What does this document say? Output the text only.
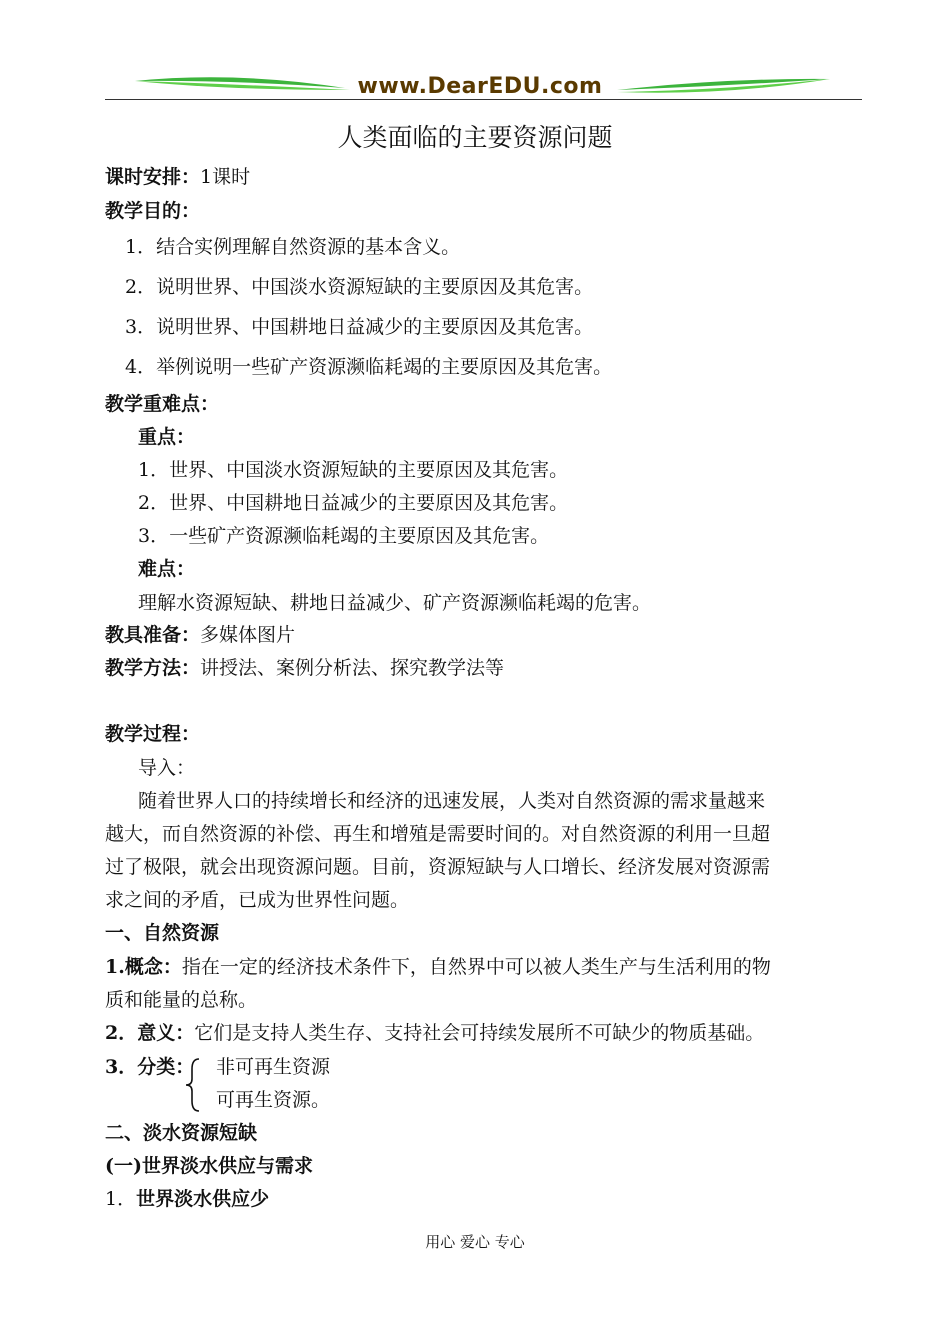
www.DearEDU.com
人类面临的主要资源问题
课时安排：1课时
教学目的：
1．结合实例理解自然资源的基本含义。
2．说明世界、中国淡水资源短缺的主要原因及其危害。
3．说明世界、中国耕地日益减少的主要原因及其危害。
4．举例说明一些矿产资源濒临耗竭的主要原因及其危害。
教学重难点：
重点：
1．世界、中国淡水资源短缺的主要原因及其危害。
2．世界、中国耕地日益减少的主要原因及其危害。
3．一些矿产资源濒临耗竭的主要原因及其危害。
难点：
理解水资源短缺、耕地日益减少、矿产资源濒临耗竭的危害。
教具准备：多媒体图片
教学方法：讲授法、案例分析法、探究教学法等
教学过程：
导入：
随着世界人口的持续增长和经济的迅速发展，人类对自然资源的需求量越来
越大，而自然资源的补偿、再生和增殖是需要时间的。对自然资源的利用一旦超
过了极限，就会出现资源问题。目前，资源短缺与人口增长、经济发展对资源需
求之间的矛盾，已成为世界性问题。
一、自然资源
1.概念：指在一定的经济技术条件下，自然界中可以被人类生产与生活利用的物
质和能量的总称。
2．意义：它们是支持人类生存、支持社会可持续发展所不可缺少的物质基础。
3．分类： 非可再生资源
可再生资源。
二、淡水资源短缺
(一)世界淡水供应与需求
1．世界淡水供应少
用心 爱心 专心
